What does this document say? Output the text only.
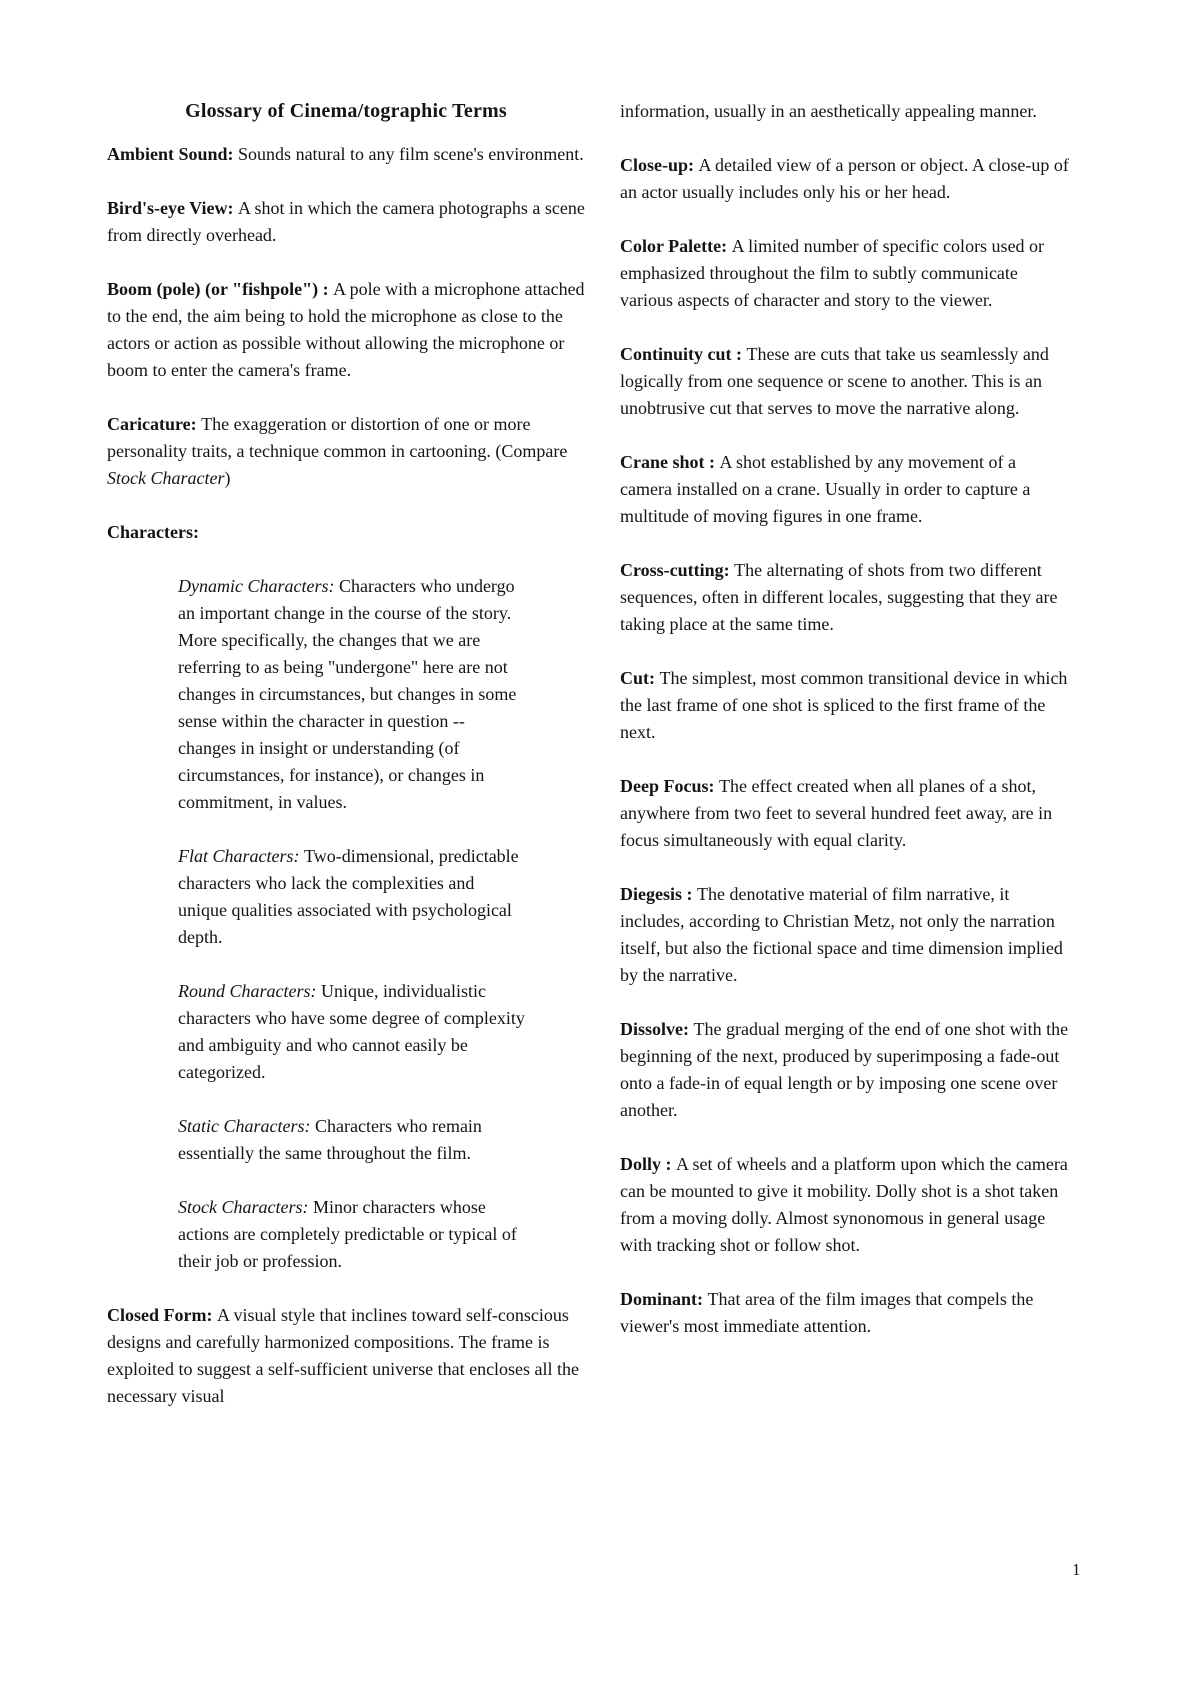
Glossary of Cinema/tographic Terms
Ambient Sound: Sounds natural to any film scene's environment.
Bird's-eye View: A shot in which the camera photographs a scene from directly overhead.
Boom (pole) (or "fishpole") : A pole with a microphone attached to the end, the aim being to hold the microphone as close to the actors or action as possible without allowing the microphone or boom to enter the camera's frame.
Caricature: The exaggeration or distortion of one or more personality traits, a technique common in cartooning. (Compare Stock Character)
Characters:
Dynamic Characters: Characters who undergo an important change in the course of the story. More specifically, the changes that we are referring to as being "undergone" here are not changes in circumstances, but changes in some sense within the character in question -- changes in insight or understanding (of circumstances, for instance), or changes in commitment, in values.
Flat Characters: Two-dimensional, predictable characters who lack the complexities and unique qualities associated with psychological depth.
Round Characters: Unique, individualistic characters who have some degree of complexity and ambiguity and who cannot easily be categorized.
Static Characters: Characters who remain essentially the same throughout the film.
Stock Characters: Minor characters whose actions are completely predictable or typical of their job or profession.
Closed Form: A visual style that inclines toward self-conscious designs and carefully harmonized compositions. The frame is exploited to suggest a self-sufficient universe that encloses all the necessary visual
information, usually in an aesthetically appealing manner.
Close-up: A detailed view of a person or object. A close-up of an actor usually includes only his or her head.
Color Palette: A limited number of specific colors used or emphasized throughout the film to subtly communicate various aspects of character and story to the viewer.
Continuity cut : These are cuts that take us seamlessly and logically from one sequence or scene to another. This is an unobtrusive cut that serves to move the narrative along.
Crane shot : A shot established by any movement of a camera installed on a crane. Usually in order to capture a multitude of moving figures in one frame.
Cross-cutting: The alternating of shots from two different sequences, often in different locales, suggesting that they are taking place at the same time.
Cut: The simplest, most common transitional device in which the last frame of one shot is spliced to the first frame of the next.
Deep Focus: The effect created when all planes of a shot, anywhere from two feet to several hundred feet away, are in focus simultaneously with equal clarity.
Diegesis : The denotative material of film narrative, it includes, according to Christian Metz, not only the narration itself, but also the fictional space and time dimension implied by the narrative.
Dissolve: The gradual merging of the end of one shot with the beginning of the next, produced by superimposing a fade-out onto a fade-in of equal length or by imposing one scene over another.
Dolly : A set of wheels and a platform upon which the camera can be mounted to give it mobility. Dolly shot is a shot taken from a moving dolly. Almost synonomous in general usage with tracking shot or follow shot.
Dominant: That area of the film images that compels the viewer's most immediate attention.
1
